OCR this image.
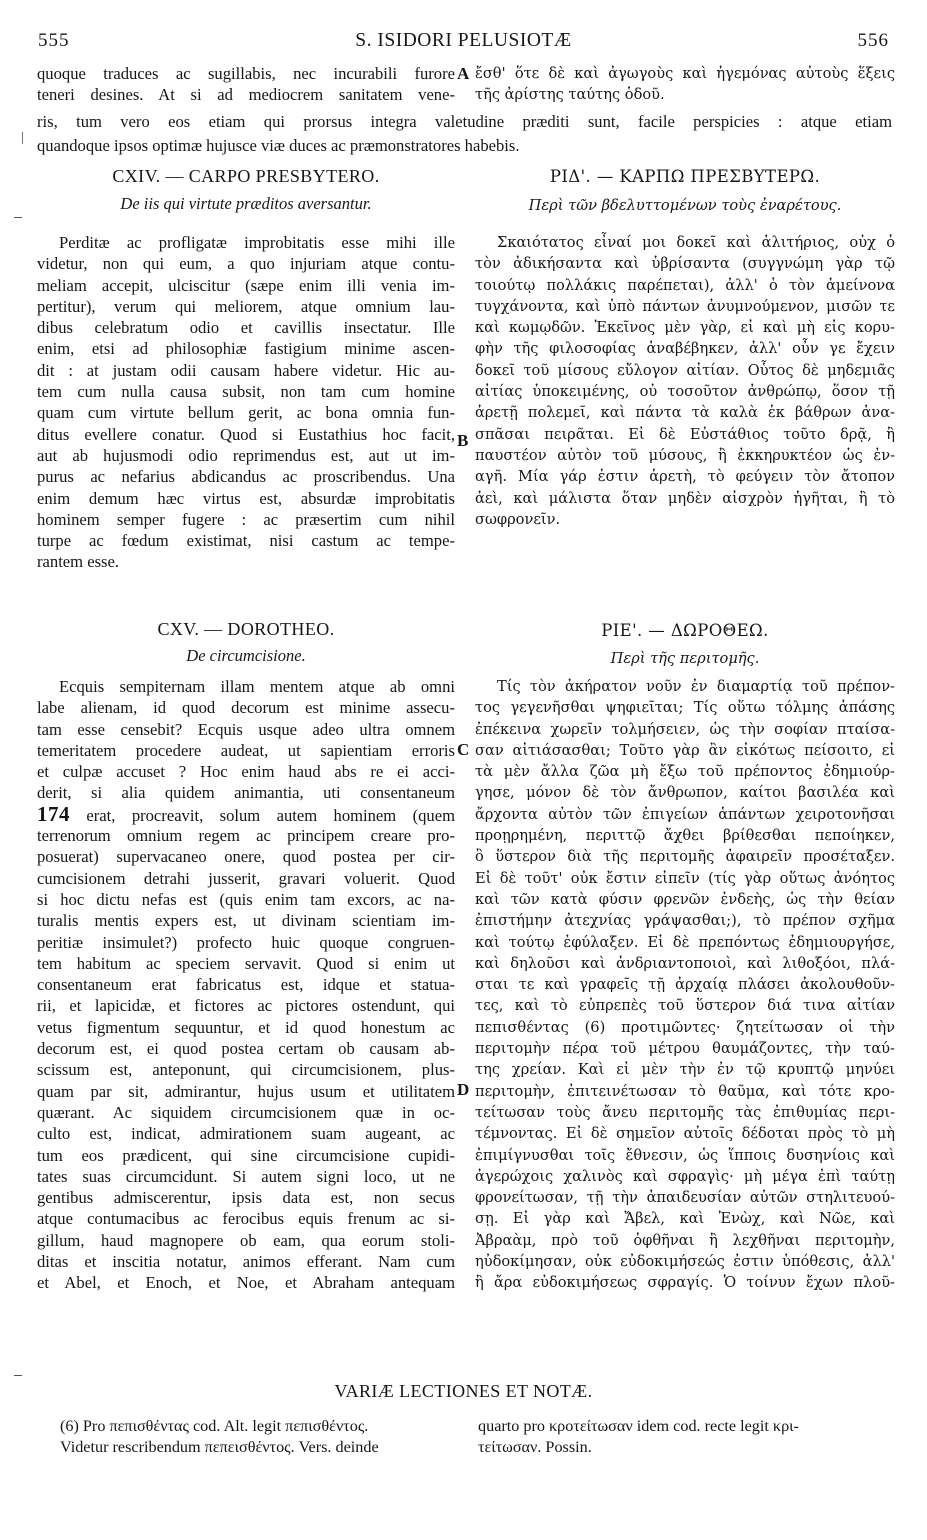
555	S. ISIDORI PELUSIOTÆ	556
quoque traduces ac sugillabis, nec incurabili furore
teneri desines. At si ad mediocrem sanitatem vene-
A ἔσθ' ὅτε δὲ καὶ ἀγωγοὺς καὶ ἡγεμόνας αὐτοὺς ἕξεις
τῆς ἀρίστης ταύτης ὁδοῦ.
ris, tum vero eos etiam qui prorsus integra valetudine præditi sunt, facile perspicies : atque etiam
quandoque ipsos optimæ hujusce viæ duces ac præmonstratores habebis.
CXIV. — CARPO PRESBYTERO.
De iis qui virtute præditos aversantur.
ΡΙΔ'. — ΚΑΡΠΩ ΠΡΕΣΒΥΤΕΡΩ.
Περὶ τῶν βδελυττομένων τοὺς ἐναρέτους.
Perditæ ac profligatæ improbitatis esse mihi ille
videtur, non qui eum, a quo injuriam atque contu-
meliam accepit, ulciscitur (sæpe enim illi venia im-
pertitur), verum qui meliorem, atque omnium lau-
dibus celebratum odio et cavillis insectatur. Ille
enim, etsi ad philosophiæ fastigium minime ascen-
dit : at justam odii causam habere videtur. Hic au-
tem cum nulla causa subsit, non tam cum homine
quam cum virtute bellum gerit, ac bona omnia fun-
ditus evellere conatur. Quod si Eustathius hoc facit,
aut ab hujusmodi odio reprimendus est, aut ut im-
purus ac nefarius abdicandus ac proscribendus. Una
enim demum hæc virtus est, absurdæ improbitatis
hominem semper fugere : ac præsertim cum nihil
turpe ac fœdum existimat, nisi castum ac tempe-
rantem esse.
B
Σκαιότατος εἶναί μοι δοκεῖ καὶ ἀλιτήριος, οὐχ ὁ
τὸν ἀδικήσαντα καὶ ὑβρίσαντα (συγγνώμη γὰρ τῷ
τοιούτῳ πολλάκις παρέπεται), ἀλλ' ὁ τὸν ἀμείνονα
τυγχάνοντα, καὶ ὑπὸ πάντων ἀνυμνούμενον, μισῶν τε
καὶ κωμῳδῶν. Ἐκεῖνος μὲν γὰρ, εἰ καὶ μὴ εἰς κορυ-
φὴν τῆς φιλοσοφίας ἀναβέβηκεν, ἀλλ' οὖν γε ἔχειν
δοκεῖ τοῦ μίσους εὔλογον αἰτίαν. Οὗτος δὲ μηδεμιᾶς
αἰτίας ὑποκειμένης, οὐ τοσοῦτον ἀνθρώπῳ, ὅσον τῇ
ἀρετῇ πολεμεῖ, καὶ πάντα τὰ καλὰ ἐκ βάθρων ἀνα-
σπᾶσαι πειρᾶται. Εἰ δὲ Εὐστάθιος τοῦτο δρᾷ, ἢ
παυστέον αὐτὸν τοῦ μύσους, ἢ ἐκκηρυκτέον ὡς ἐν-
αγῆ. Μία γάρ ἐστιν ἀρετὴ, τὸ φεύγειν τὸν ἄτοπον
ἀεὶ, καὶ μάλιστα ὅταν μηδὲν αἰσχρὸν ἡγῆται, ἢ τὸ
σωφρονεῖν.
CXV. — DOROTHEO.
De circumcisione.
ΡΙΕ'. — ΔΩΡΟΘΕΩ.
Περὶ τῆς περιτομῆς.
Ecquis sempiternam illam mentem atque ab omni
labe alienam, id quod decorum est minime assecu-
tam esse censebit? Ecquis usque adeo ultra omnem
temeritatem procedere audeat, ut sapientiam erroris
et culpæ accuset ? Hoc enim haud abs re ei acci-
derit, si alia quidem animantia, uti consentaneum
174 erat, procreavit, solum autem hominem (quem
terrenorum omnium regem ac principem creare pro-
posuerat) supervacaneo onere, quod postea per cir-
cumcisionem detrahi jusserit, gravari voluerit. Quod
si hoc dictu nefas est (quis enim tam excors, ac na-
turalis mentis expers est, ut divinam scientiam im-
peritiæ insimulet?) profecto huic quoque congruen-
tem habitum ac speciem servavit. Quod si enim ut
consentaneum erat fabricatus est, idque et statua-
rii, et lapicidæ, et fictores ac pictores ostendunt, qui
vetus figmentum sequuntur, et id quod honestum ac
decorum est, ei quod postea certam ob causam ab-
scissum est, anteponunt, qui circumcisionem, plus-
quam par sit, admirantur, hujus usum et utilitatem
quærant. Ac siquidem circumcisionem quæ in oc-
culto est, indicat, admirationem suam augeant, ac
tum eos prædicent, qui sine circumcisione cupidi-
tates suas circumcidunt. Si autem signi loco, ut ne
gentibus admiscerentur, ipsis data est, non secus
atque contumacibus ac ferocibus equis frenum ac si-
gillum, haud magnopere ob eam, qua eorum stoli-
ditas et inscitia notatur, animos efferant. Nam cum
et Abel, et Enoch, et Noe, et Abraham antequam
C
D
Τίς τὸν ἀκήρατον νοῦν ἐν διαμαρτίᾳ τοῦ πρέπον-
τος γεγενῆσθαι ψηφιεῖται; Τίς οὕτω τόλμης ἁπάσης
ἐπέκεινα χωρεῖν τολμήσειεν, ὡς τὴν σοφίαν πταίσα-
σαν αἰτιάσασθαι; Τοῦτο γὰρ ἂν εἰκότως πείσοιτο, εἰ
τὰ μὲν ἄλλα ζῶα μὴ ἔξω τοῦ πρέποντος ἐδημιούρ-
γησε, μόνον δὲ τὸν ἄνθρωπον, καίτοι βασιλέα καὶ
ἄρχοντα αὐτὸν τῶν ἐπιγείων ἁπάντων χειροτονῆσαι
προῃρημένη, περιττῷ ἄχθει βρίθεσθαι πεποίηκεν,
ὃ ὕστερον διὰ τῆς περιτομῆς ἀφαιρεῖν προσέταξεν.
Εἰ δὲ τοῦτ' οὐκ ἔστιν εἰπεῖν (τίς γὰρ οὕτως ἀνόητος
καὶ τῶν κατὰ φύσιν φρενῶν ἐνδεὴς, ὡς τὴν θείαν
ἐπιστήμην ἀτεχνίας γράψασθαι;), τὸ πρέπον σχῆμα
καὶ τούτῳ ἐφύλαξεν. Εἰ δὲ πρεπόντως ἐδημιουργήσε,
καὶ δηλοῦσι καὶ ἀνδριαντοποιοὶ, καὶ λιθοξόοι, πλά-
σται τε καὶ γραφεῖς τῇ ἀρχαίᾳ πλάσει ἀκολουθοῦν-
τες, καὶ τὸ εὐπρεπὲς τοῦ ὕστερον διά τινα αἰτίαν
πεπισθέντας (6) προτιμῶντες· ζητείτωσαν οἱ τὴν
περιτομὴν πέρα τοῦ μέτρου θαυμάζοντες, τὴν ταύ-
της χρείαν. Καὶ εἰ μὲν τὴν ἐν τῷ κρυπτῷ μηνύει
περιτομὴν, ἐπιτεινέτωσαν τὸ θαῦμα, καὶ τότε κρο-
τείτωσαν τοὺς ἄνευ περιτομῆς τὰς ἐπιθυμίας περι-
τέμνοντας. Εἰ δὲ σημεῖον αὐτοῖς δέδοται πρὸς τὸ μὴ
ἐπιμίγνυσθαι τοῖς ἔθνεσιν, ὡς ἵπποις δυσηνίοις καὶ
ἀγερώχοις χαλινὸς καὶ σφραγὶς· μὴ μέγα ἐπὶ ταύτῃ
φρονείτωσαν, τῇ τὴν ἀπαιδευσίαν αὐτῶν στηλιτευού-
σῃ. Εἰ γὰρ καὶ Ἄβελ, καὶ Ἐνὼχ, καὶ Νῶε, καὶ
Ἀβραὰμ, πρὸ τοῦ ὀφθῆναι ἢ λεχθῆναι περιτομὴν,
ηὐδοκίμησαν, οὐκ εὐδοκιμήσεώς ἐστιν ὑπόθεσις, ἀλλ'
ἢ ἄρα εὐδοκιμήσεως σφραγίς. Ὁ τοίνυν ἔχων πλοῦ-
VARIÆ LECTIONES ET NOTÆ.
(6) Pro πεπισθέντας cod. Alt. legit πεπισθέντος.
Videtur rescribendum πεπεισθέντος. Vers. deinde
quarto pro κροτείτωσαν idem cod. recte legit κρι-
τείτωσαν. Possin.
